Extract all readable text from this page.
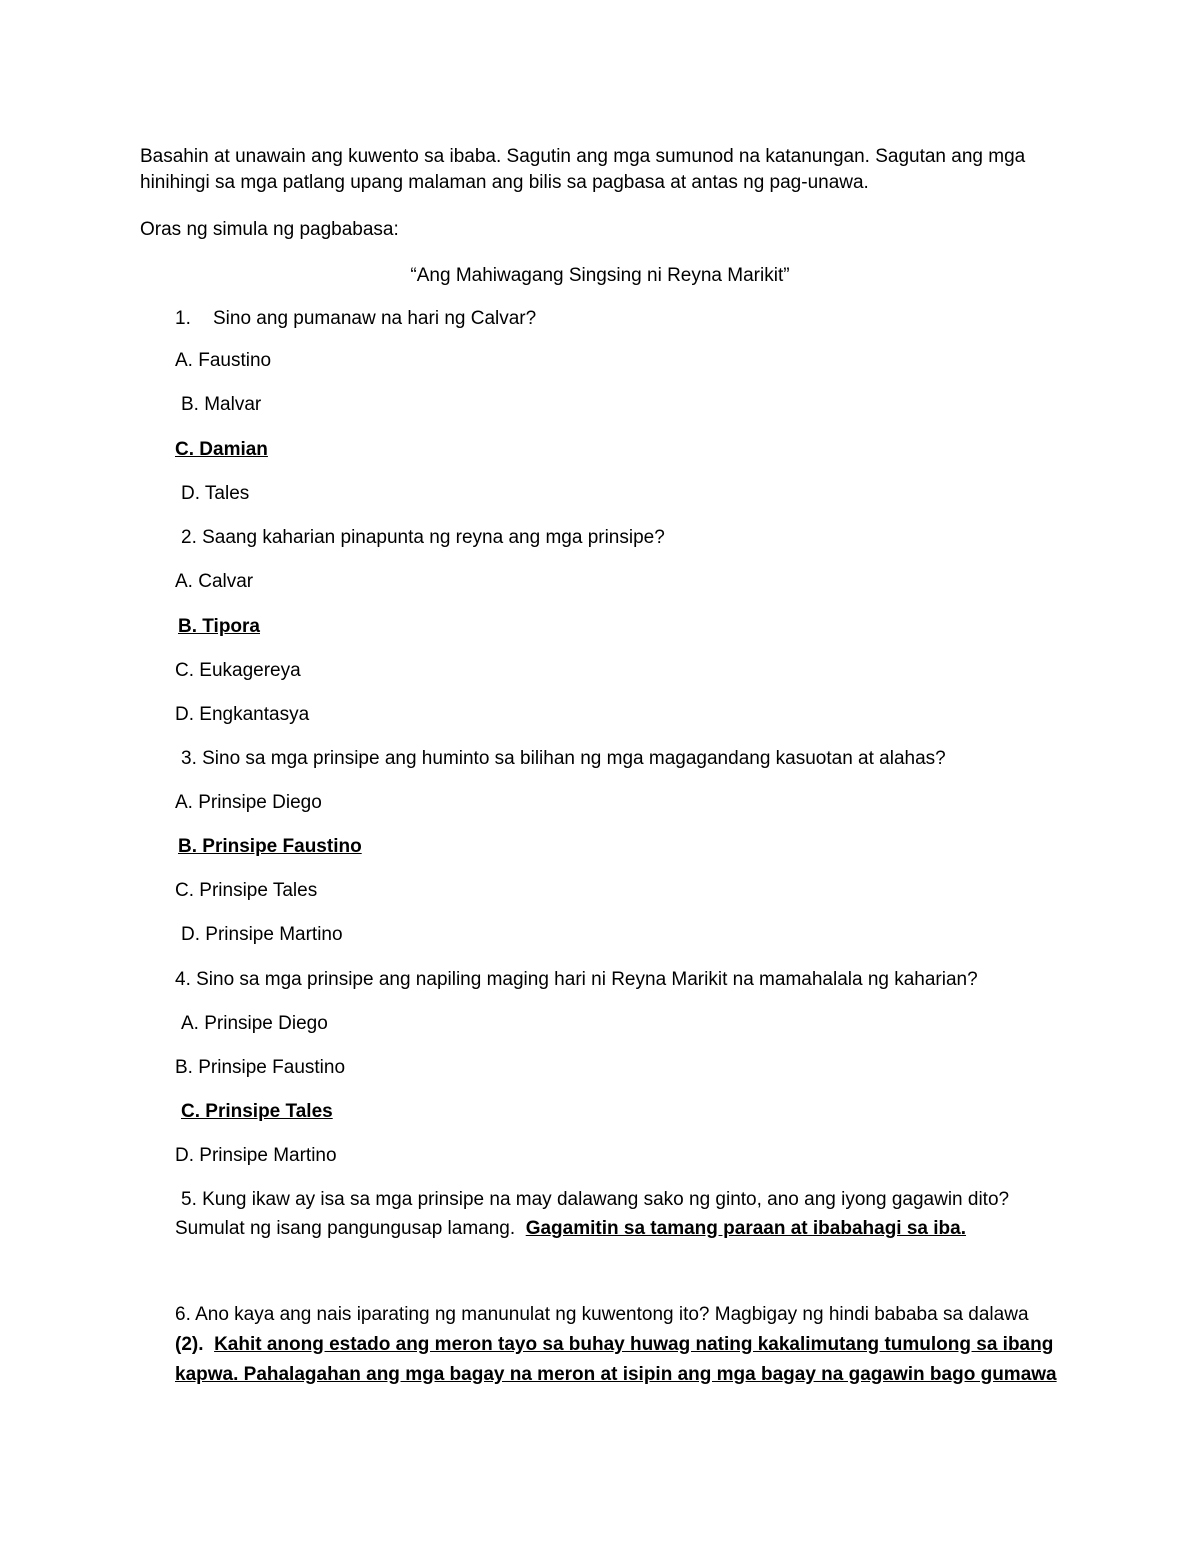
Basahin at unawain ang kuwento sa ibaba. Sagutin ang mga sumunod na katanungan. Sagutan ang mga hinihingi sa mga patlang upang malaman ang bilis sa pagbasa at antas ng pag-unawa.
Oras ng simula ng pagbabasa:
“Ang Mahiwagang Singsing ni Reyna Marikit”
1. Sino ang pumanaw na hari ng Calvar?
A. Faustino
B. Malvar
C. Damian
D. Tales
2. Saang kaharian pinapunta ng reyna ang mga prinsipe?
A. Calvar
B. Tipora
C. Eukagereya
D. Engkantasya
3. Sino sa mga prinsipe ang huminto sa bilihan ng mga magagandang kasuotan at alahas?
A. Prinsipe Diego
B. Prinsipe Faustino
C. Prinsipe Tales
D. Prinsipe Martino
4. Sino sa mga prinsipe ang napiling maging hari ni Reyna Marikit na mamahalala ng kaharian?
A. Prinsipe Diego
B. Prinsipe Faustino
C. Prinsipe Tales
D. Prinsipe Martino
5. Kung ikaw ay isa sa mga prinsipe na may dalawang sako ng ginto, ano ang iyong gagawin dito?
Sumulat ng isang pangungusap lamang. Gagamitin sa tamang paraan at ibabahagi sa iba.
6. Ano kaya ang nais iparating ng manunulat ng kuwentong ito? Magbigay ng hindi bababa sa dalawa
(2). Kahit anong estado ang meron tayo sa buhay huwag nating kakalimutang tumulong sa ibang
kapwa. Pahalagahan ang mga bagay na meron at isipin ang mga bagay na gagawin bago gumawa
